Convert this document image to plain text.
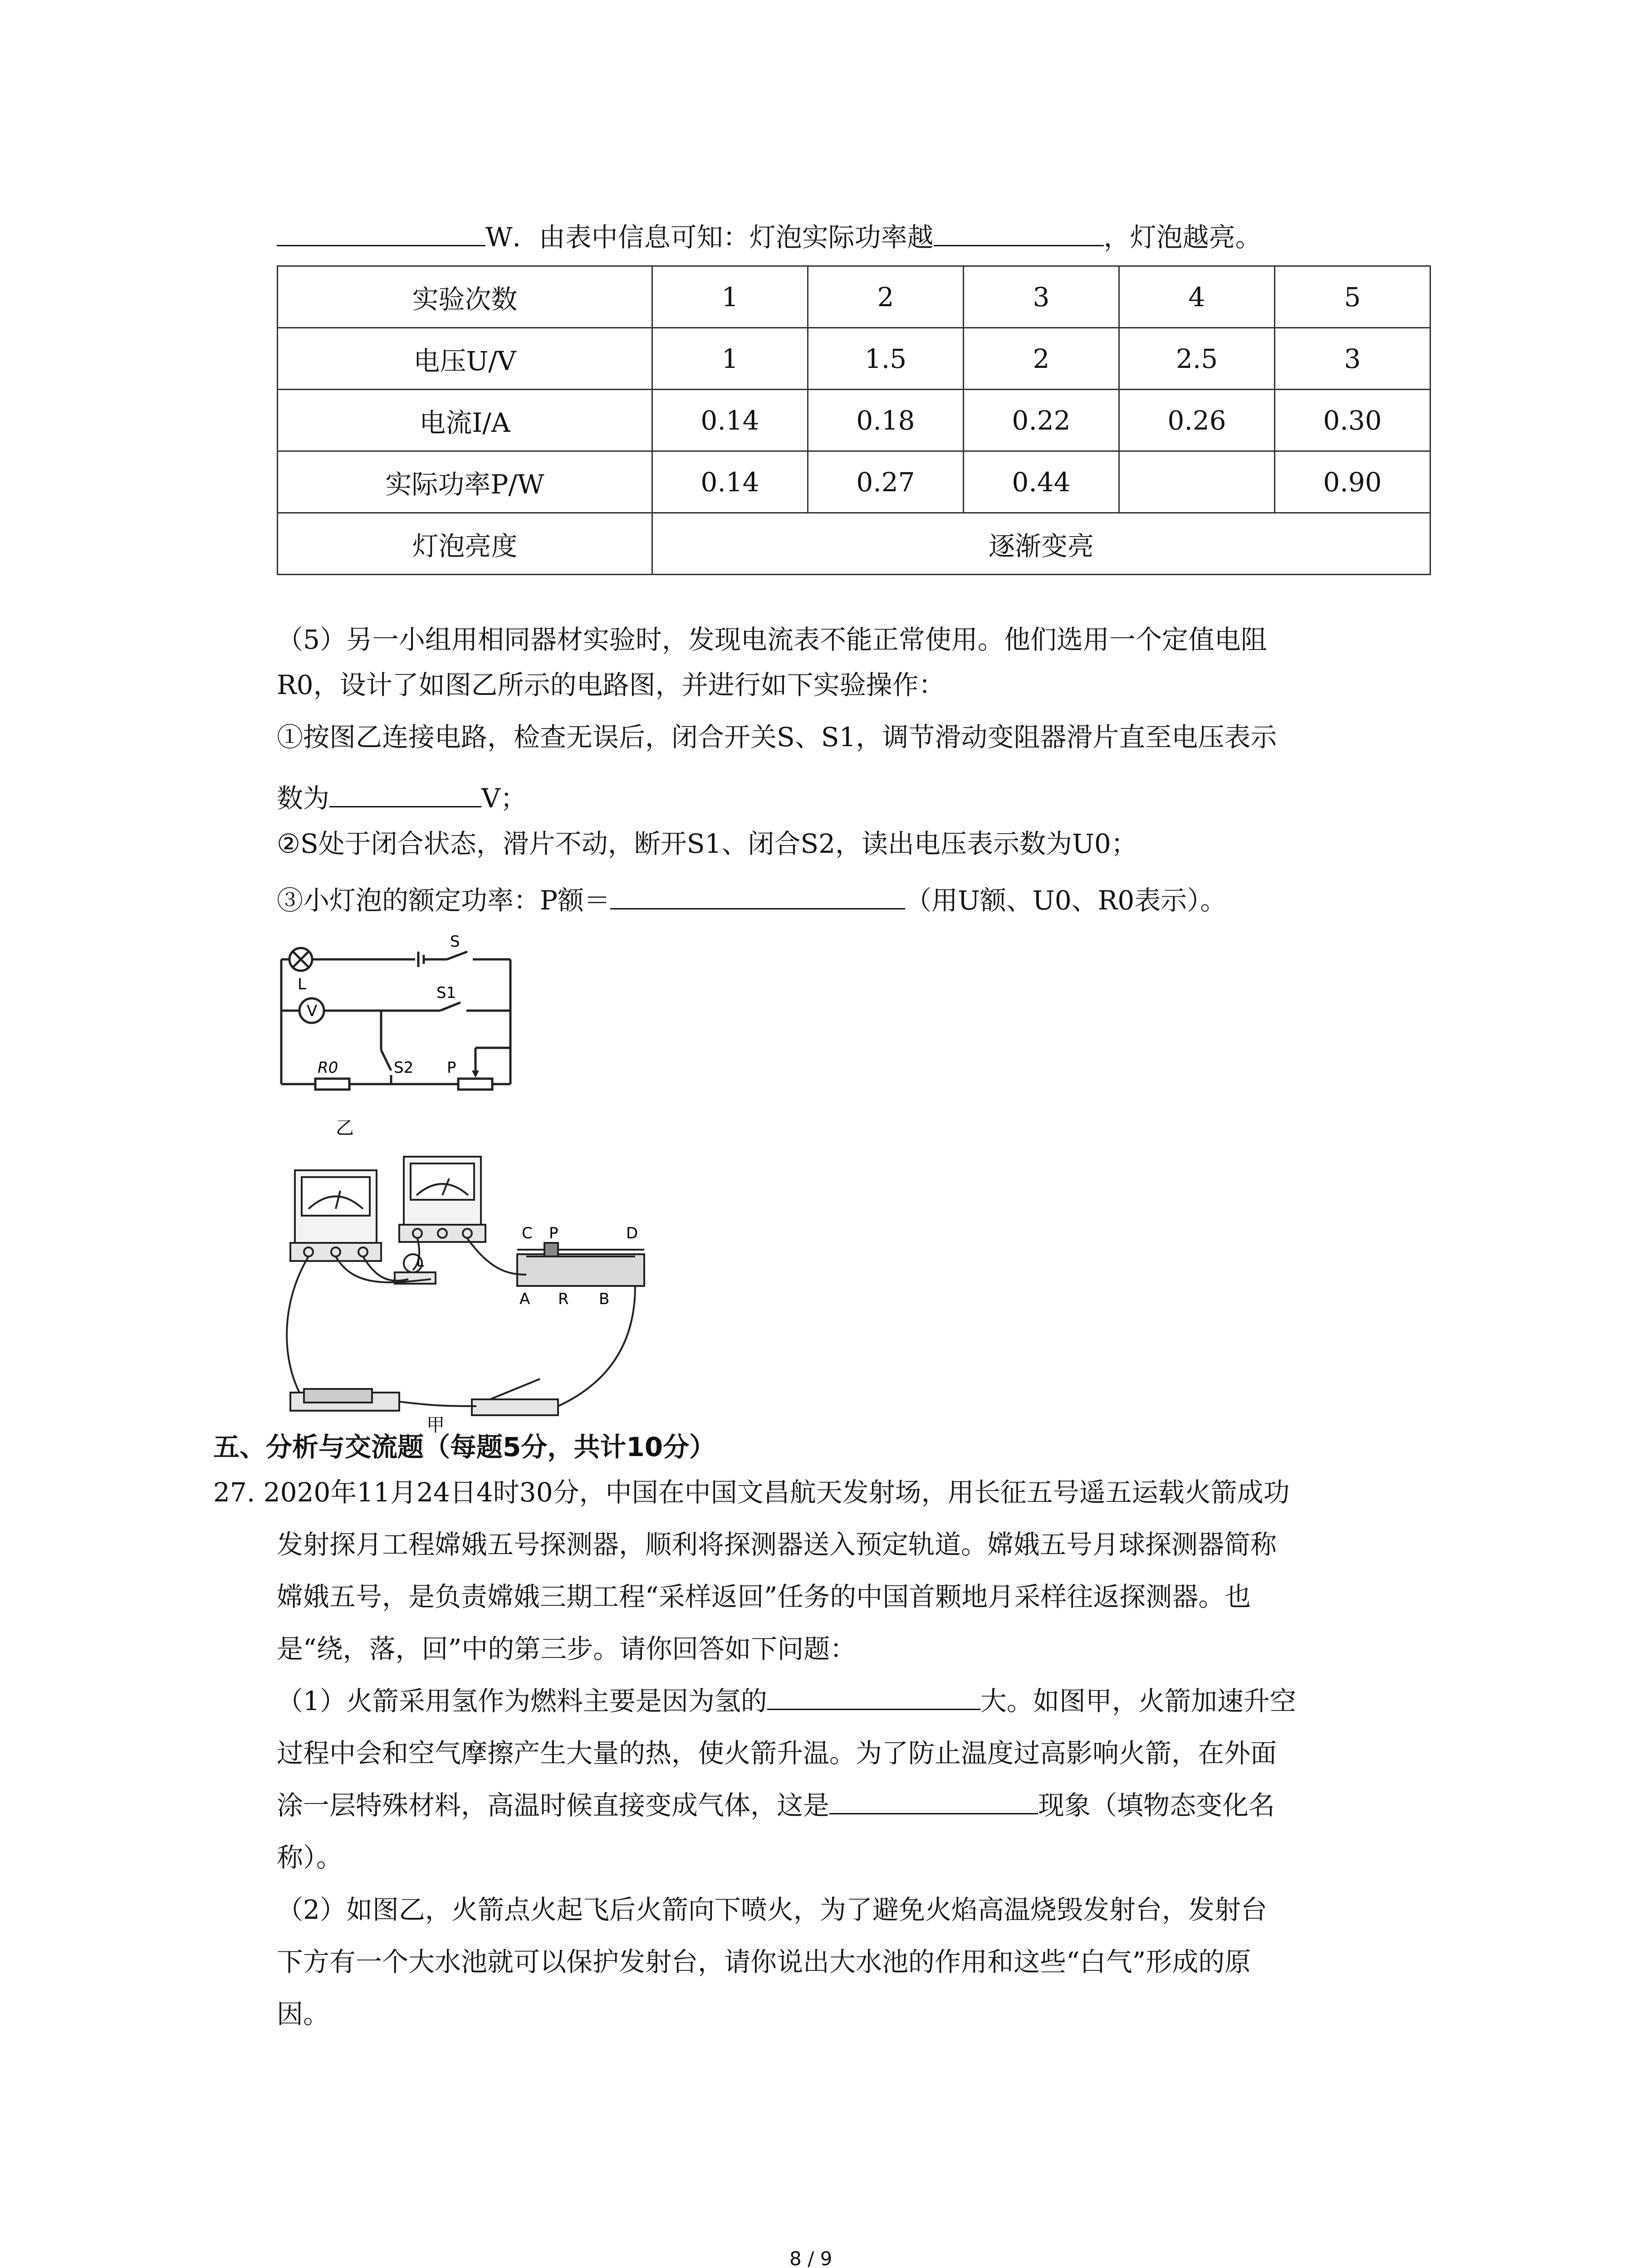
W．由表中信息可知：灯泡实际功率越	，灯泡越亮。
实验次数	1	2	3	4	5
电压U/V	1	1.5	2	2.5	3
电流I/A	0.14	0.18	0.22	0.26	0.30
实际功率P/W	0.14	0.27	0.44		0.90
灯泡亮度	逐渐变亮				
（5）另一小组用相同器材实验时，发现电流表不能正常使用。他们选用一个定值电阻
R0，设计了如图乙所示的电路图，并进行如下实验操作：
①按图乙连接电路，检查无误后，闭合开关S、S1，调节滑动变阻器滑片直至电压表示
数为	V；
②S处于闭合状态，滑片不动，断开S1、闭合S2，读出电压表示数为U0；
③小灯泡的额定功率：P额＝	（用U额、U0、R0表示）。
L
V
S
S1
S2
R0	P
乙
C P	D
A R B
L
甲
五、分析与交流题（每题5分，共计10分）
27. 2020年11月24日4时30分，中国在中国文昌航天发射场，用长征五号遥五运载火箭成功
发射探月工程嫦娥五号探测器，顺利将探测器送入预定轨道。嫦娥五号月球探测器简称
嫦娥五号，是负责嫦娥三期工程“采样返回”任务的中国首颗地月采样往返探测器。也
是“绕，落，回”中的第三步。请你回答如下问题：
（1）火箭采用氢作为燃料主要是因为氢的	大。如图甲，火箭加速升空
过程中会和空气摩擦产生大量的热，使火箭升温。为了防止温度过高影响火箭，在外面
涂一层特殊材料，高温时候直接变成气体，这是	现象（填物态变化名
称）。
（2）如图乙，火箭点火起飞后火箭向下喷火，为了避免火焰高温烧毁发射台，发射台
下方有一个大水池就可以保护发射台，请你说出大水池的作用和这些“白气”形成的原
因。
8 / 9
